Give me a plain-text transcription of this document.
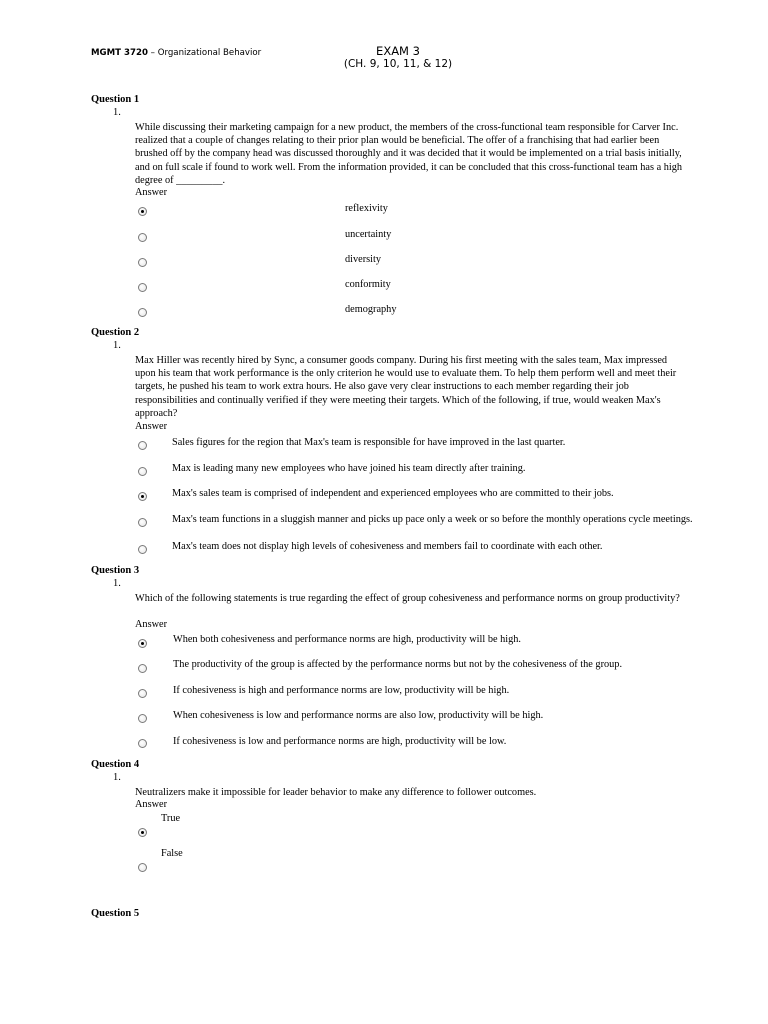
MGMT 3720 – Organizational Behavior	EXAM 3
(CH. 9, 10, 11, & 12)
Question 1
1.
While discussing their marketing campaign for a new product, the members of the cross-functional team responsible for Carver Inc. realized that a couple of changes relating to their prior plan would be beneficial. The offer of a franchising that had earlier been brushed off by the company head was discussed thoroughly and it was decided that it would be implemented on a trial basis initially, and on full scale if found to work well. From the information provided, it can be concluded that this cross-functional team has a high degree of _________.
Answer
reflexivity
uncertainty
diversity
conformity
demography
Question 2
1.
Max Hiller was recently hired by Sync, a consumer goods company. During his first meeting with the sales team, Max impressed upon his team that work performance is the only criterion he would use to evaluate them. To help them perform well and meet their targets, he pushed his team to work extra hours. He also gave very clear instructions to each member regarding their job responsibilities and continually verified if they were meeting their targets. Which of the following, if true, would weaken Max's approach?
Answer
Sales figures for the region that Max's team is responsible for have improved in the last quarter.
Max is leading many new employees who have joined his team directly after training.
Max's sales team is comprised of independent and experienced employees who are committed to their jobs.
Max's team functions in a sluggish manner and picks up pace only a week or so before the monthly operations cycle meetings.
Max's team does not display high levels of cohesiveness and members fail to coordinate with each other.
Question 3
1.
Which of the following statements is true regarding the effect of group cohesiveness and performance norms on group productivity?
Answer
When both cohesiveness and performance norms are high, productivity will be high.
The productivity of the group is affected by the performance norms but not by the cohesiveness of the group.
If cohesiveness is high and performance norms are low, productivity will be high.
When cohesiveness is low and performance norms are also low, productivity will be high.
If cohesiveness is low and performance norms are high, productivity will be low.
Question 4
1.
Neutralizers make it impossible for leader behavior to make any difference to follower outcomes.
Answer
True
False
Question 5
